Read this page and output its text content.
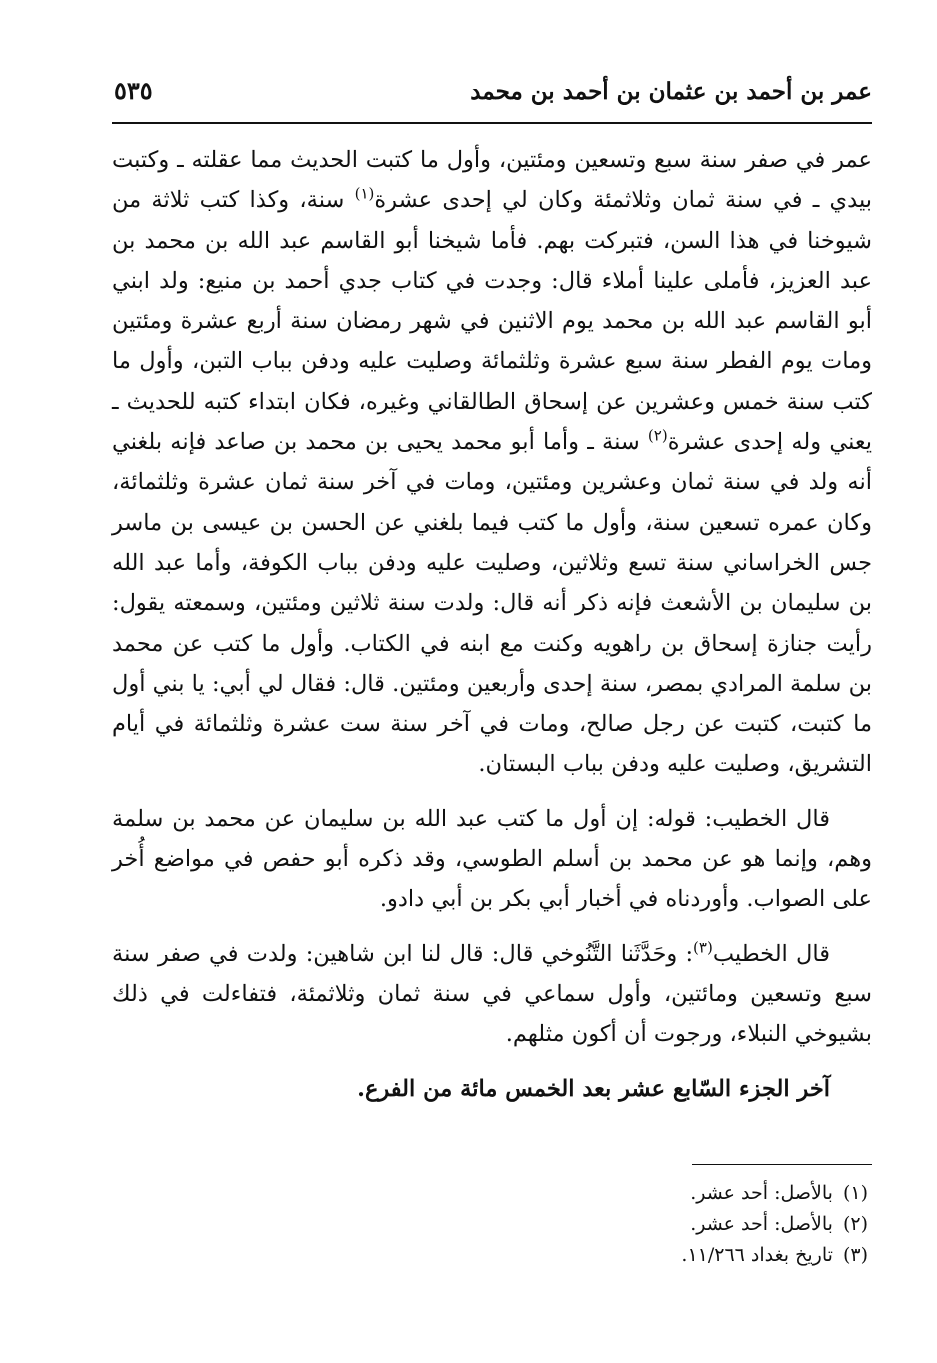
عمر بن أحمد بن عثمان بن أحمد بن محمد
٥٣٥

عمر في صفر سنة سبع وتسعين ومئتين، وأول ما كتبت الحديث مما عقلته ـ وكتبت بيدي ـ في سنة ثمان وثلاثمئة وكان لي إحدى عشرة$^{(١)}$ سنة، وكذا كتب ثلاثة من شيوخنا في هذا السن، فتبركت بهم. فأما شيخنا أبو القاسم عبد الله بن محمد بن عبد العزيز، فأملى علينا أملاء قال: وجدت في كتاب جدي أحمد بن منيع: ولد ابني أبو القاسم عبد الله بن محمد يوم الاثنين في شهر رمضان سنة أربع عشرة ومئتين ومات يوم الفطر سنة سبع عشرة وثلثمائة وصليت عليه ودفن بباب التبن، وأول ما كتب سنة خمس وعشرين عن إسحاق الطالقاني وغيره، فكان ابتداء كتبه للحديث ـ يعني وله إحدى عشرة$^{(٢)}$ سنة ـ وأما أبو محمد يحيى بن محمد بن صاعد فإنه بلغني أنه ولد في سنة ثمان وعشرين ومئتين، ومات في آخر سنة ثمان عشرة وثلثمائة، وكان عمره تسعين سنة، وأول ما كتب فيما بلغني عن الحسن بن عيسى بن ماسر جس الخراساني سنة تسع وثلاثين، وصليت عليه ودفن بباب الكوفة، وأما عبد الله بن سليمان بن الأشعث فإنه ذكر أنه قال: ولدت سنة ثلاثين ومئتين، وسمعته يقول: رأيت جنازة إسحاق بن راهويه وكنت مع ابنه في الكتاب. وأول ما كتب عن محمد بن سلمة المرادي بمصر، سنة إحدى وأربعين ومئتين. قال: فقال لي أبي: يا بني أول ما كتبت، كتبت عن رجل صالح، ومات في آخر سنة ست عشرة وثلثمائة في أيام التشريق، وصليت عليه ودفن بباب البستان.

قال الخطيب: قوله: إن أول ما كتب عبد الله بن سليمان عن محمد بن سلمة وهم، وإنما هو عن محمد بن أسلم الطوسي، وقد ذكره أبو حفص في مواضع أُخر على الصواب. وأوردناه في أخبار أبي بكر بن أبي دادو.

قال الخطيب$^{(٣)}$: وحَدَّثَنا التَّنُوخي قال: قال لنا ابن شاهين: ولدت في صفر سنة سبع وتسعين ومائتين، وأول سماعي في سنة ثمان وثلاثمئة، فتفاءلت في ذلك بشيوخي النبلاء، ورجوت أن أكون مثلهم.

آخر الجزء السّابع عشر بعد الخمس مائة من الفرع.

(١)بالأصل: أحد عشر.
(٢)بالأصل: أحد عشر.
(٣)تاريخ بغداد ١١/٢٦٦.
